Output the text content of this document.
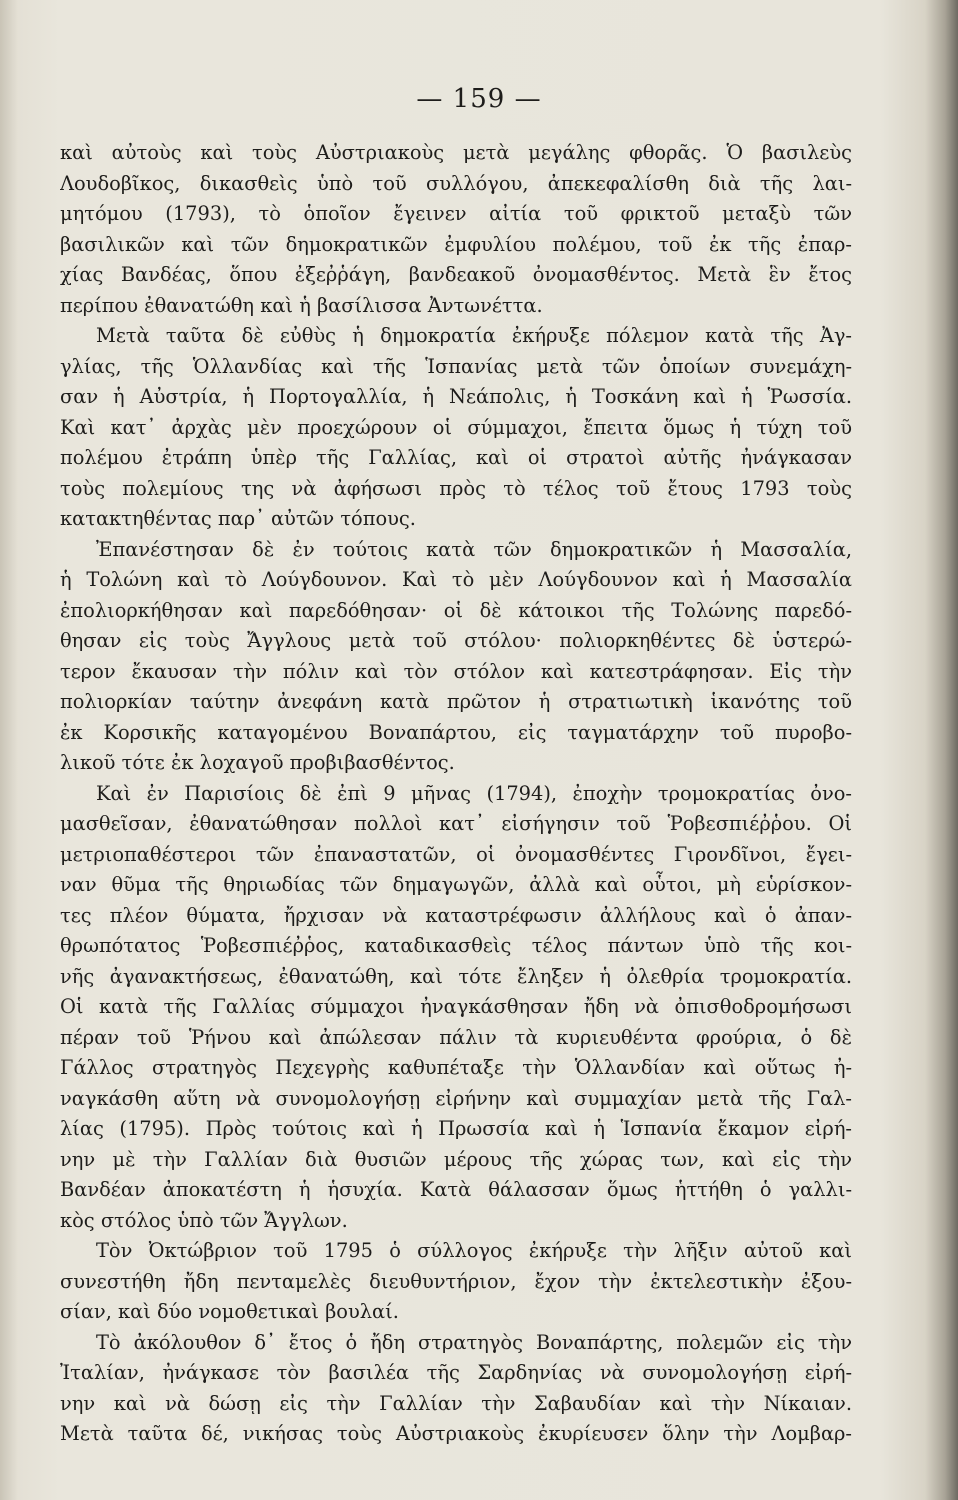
— 159 —
καὶ αὐτοὺς καὶ τοὺς Αὐστριακοὺς μετὰ μεγάλης φθορᾶς. Ὁ βασιλεὺς
Λουδοβῖκος, δικασθεὶς ὑπὸ τοῦ συλλόγου, ἀπεκεφαλίσθη διὰ τῆς λαι-
μητόμου (1793), τὸ ὁποῖον ἔγεινεν αἰτία τοῦ φρικτοῦ μεταξὺ τῶν
βασιλικῶν καὶ τῶν δημοκρατικῶν ἐμφυλίου πολέμου, τοῦ ἐκ τῆς ἐπαρ-
χίας Βανδέας, ὅπου ἐξεῤῥάγη, βανδεακοῦ ὀνομασθέντος. Μετὰ ἓν ἔτος
περίπου ἐθανατώθη καὶ ἡ βασίλισσα Ἀντωνέττα.
Μετὰ ταῦτα δὲ εὐθὺς ἡ δημοκρατία ἐκήρυξε πόλεμον κατὰ τῆς Ἀγ-
γλίας, τῆς Ὁλλανδίας καὶ τῆς Ἱσπανίας μετὰ τῶν ὁποίων συνεμάχη-
σαν ἡ Αὐστρία, ἡ Πορτογαλλία, ἡ Νεάπολις, ἡ Τοσκάνη καὶ ἡ Ῥωσσία.
Καὶ κατ᾽ ἀρχὰς μὲν προεχώρουν οἱ σύμμαχοι, ἔπειτα ὅμως ἡ τύχη τοῦ
πολέμου ἐτράπη ὑπὲρ τῆς Γαλλίας, καὶ οἱ στρατοὶ αὐτῆς ἠνάγκασαν
τοὺς πολεμίους της νὰ ἀφήσωσι πρὸς τὸ τέλος τοῦ ἔτους 1793 τοὺς
κατακτηθέντας παρ᾽ αὐτῶν τόπους.
Ἐπανέστησαν δὲ ἐν τούτοις κατὰ τῶν δημοκρατικῶν ἡ Μασσαλία,
ἡ Τολώνη καὶ τὸ Λούγδουνον. Καὶ τὸ μὲν Λούγδουνον καὶ ἡ Μασσαλία
ἐπολιορκήθησαν καὶ παρεδόθησαν· οἱ δὲ κάτοικοι τῆς Τολώνης παρεδό-
θησαν εἰς τοὺς Ἄγγλους μετὰ τοῦ στόλου· πολιορκηθέντες δὲ ὑστερώ-
τερον ἔκαυσαν τὴν πόλιν καὶ τὸν στόλον καὶ κατεστράφησαν. Εἰς τὴν
πολιορκίαν ταύτην ἀνεφάνη κατὰ πρῶτον ἡ στρατιωτικὴ ἱκανότης τοῦ
ἐκ Κορσικῆς καταγομένου Βοναπάρτου, εἰς ταγματάρχην τοῦ πυροβο-
λικοῦ τότε ἐκ λοχαγοῦ προβιβασθέντος.
Καὶ ἐν Παρισίοις δὲ ἐπὶ 9 μῆνας (1794), ἐποχὴν τρομοκρατίας ὀνο-
μασθεῖσαν, ἐθανατώθησαν πολλοὶ κατ᾽ εἰσήγησιν τοῦ Ῥοβεσπιέῤῥου. Οἱ
μετριοπαθέστεροι τῶν ἐπαναστατῶν, οἱ ὀνομασθέντες Γιρονδῖνοι, ἔγει-
ναν θῦμα τῆς θηριωδίας τῶν δημαγωγῶν, ἀλλὰ καὶ οὗτοι, μὴ εὑρίσκον-
τες πλέον θύματα, ἤρχισαν νὰ καταστρέφωσιν ἀλλήλους καὶ ὁ ἀπαν-
θρωπότατος Ῥοβεσπιέῤῥος, καταδικασθεὶς τέλος πάντων ὑπὸ τῆς κοι-
νῆς ἀγανακτήσεως, ἐθανατώθη, καὶ τότε ἔληξεν ἡ ὀλεθρία τρομοκρατία.
Οἱ κατὰ τῆς Γαλλίας σύμμαχοι ἠναγκάσθησαν ἤδη νὰ ὀπισθοδρομήσωσι
πέραν τοῦ Ῥήνου καὶ ἀπώλεσαν πάλιν τὰ κυριευθέντα φρούρια, ὁ δὲ
Γάλλος στρατηγὸς Πεχεγρὴς καθυπέταξε τὴν Ὁλλανδίαν καὶ οὕτως ἠ-
ναγκάσθη αὕτη νὰ συνομολογήσῃ εἰρήνην καὶ συμμαχίαν μετὰ τῆς Γαλ-
λίας (1795). Πρὸς τούτοις καὶ ἡ Πρωσσία καὶ ἡ Ἱσπανία ἔκαμον εἰρή-
νην μὲ τὴν Γαλλίαν διὰ θυσιῶν μέρους τῆς χώρας των, καὶ εἰς τὴν
Βανδέαν ἀποκατέστη ἡ ἡσυχία. Κατὰ θάλασσαν ὅμως ἡττήθη ὁ γαλλι-
κὸς στόλος ὑπὸ τῶν Ἄγγλων.
Τὸν Ὀκτώβριον τοῦ 1795 ὁ σύλλογος ἐκήρυξε τὴν λῆξιν αὐτοῦ καὶ
συνεστήθη ἤδη πενταμελὲς διευθυντήριον, ἔχον τὴν ἐκτελεστικὴν ἐξου-
σίαν, καὶ δύο νομοθετικαὶ βουλαί.
Τὸ ἀκόλουθον δ᾽ ἔτος ὁ ἤδη στρατηγὸς Βοναπάρτης, πολεμῶν εἰς τὴν
Ἰταλίαν, ἠνάγκασε τὸν βασιλέα τῆς Σαρδηνίας νὰ συνομολογήσῃ εἰρή-
νην καὶ νὰ δώσῃ εἰς τὴν Γαλλίαν τὴν Σαβαυδίαν καὶ τὴν Νίκαιαν.
Μετὰ ταῦτα δέ, νικήσας τοὺς Αὐστριακοὺς ἐκυρίευσεν ὅλην τὴν Λομβαρ-
